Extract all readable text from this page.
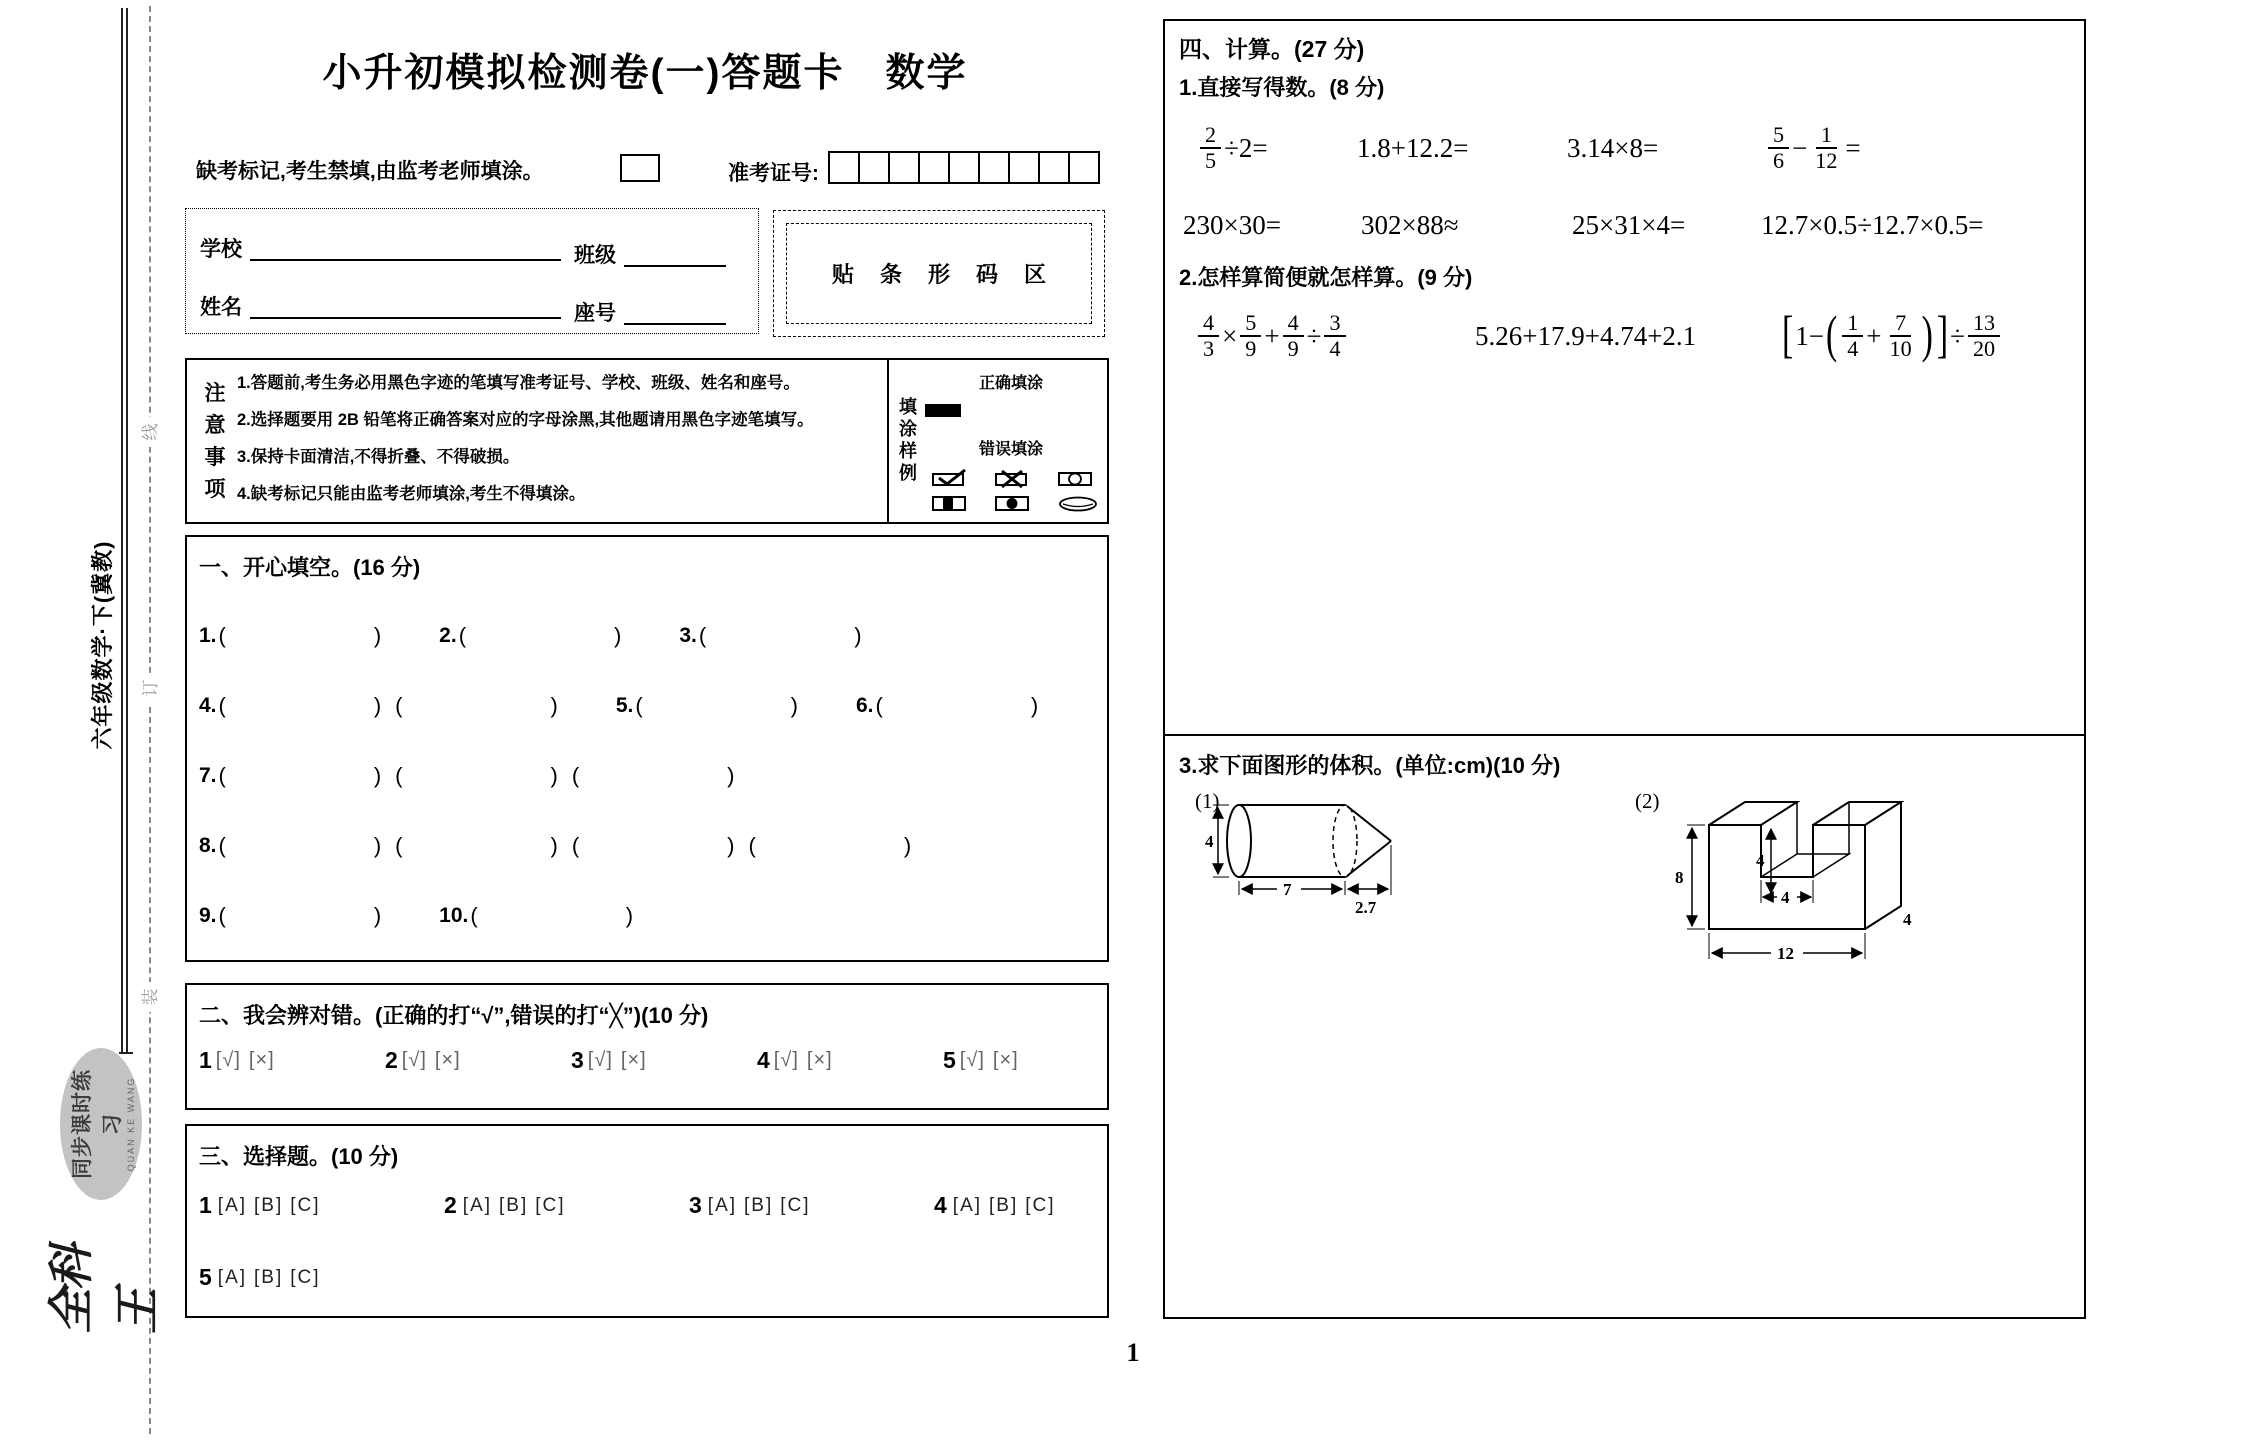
六年级数学·下(冀教)
线
订
装
全科王
同步课时练习 QUAN KE WANG
小升初模拟检测卷(一)答题卡　数学
缺考标记,考生禁填,由监考老师填涂。	准考证号:
学校	班级
姓名	座号
贴条形码区
注
意
事
项
1.答题前,考生务必用黑色字迹的笔填写准考证号、学校、班级、姓名和座号。
2.选择题要用 2B 铅笔将正确答案对应的字母涂黑,其他题请用黑色字迹笔填写。
3.保持卡面清洁,不得折叠、不得破损。
4.缺考标记只能由监考老师填涂,考生不得填涂。
填
涂
样
例
正确填涂
错误填涂
一、开心填空。(16 分)
1. (	)	2. (	)	3. (	)
4. (	) (	)	5. (	)	6. (	)
7. (	) (	) (	)
8. (	) (	) (	) (	)
9. (	)	10. (	)
二、我会辨对错。(正确的打“√”,错误的打“╳”)(10 分)
1 [√] [×]	2 [√] [×]	3 [√] [×]	4 [√] [×]	5 [√] [×]
三、选择题。(10 分)
1 [A] [B] [C]	2 [A] [B] [C]	3 [A] [B] [C]	4 [A] [B] [C]
5 [A] [B] [C]
四、计算。(27 分)
1.直接写得数。(8 分)
$\frac{2}{5} \div 2=$	1.8+12.2=	3.14×8=	$\frac{5}{6} - \frac{1}{12}$ =
230×30=	302×88≈	25×31×4=	12.7×0.5÷12.7×0.5=
2.怎样算简便就怎样算。(9 分)
$\frac{4}{3} \times \frac{5}{9} + \frac{4}{9} \div \frac{3}{4}$	5.26+17.9+4.74+2.1	[ 1− ( $\frac{1}{4} + \frac{7}{10}$ ) ] ÷ $\frac{13}{20}$
3.求下面图形的体积。(单位:cm)(10 分)
(1)
4
7
2.7
(2)
8
4
4
12
4
1
